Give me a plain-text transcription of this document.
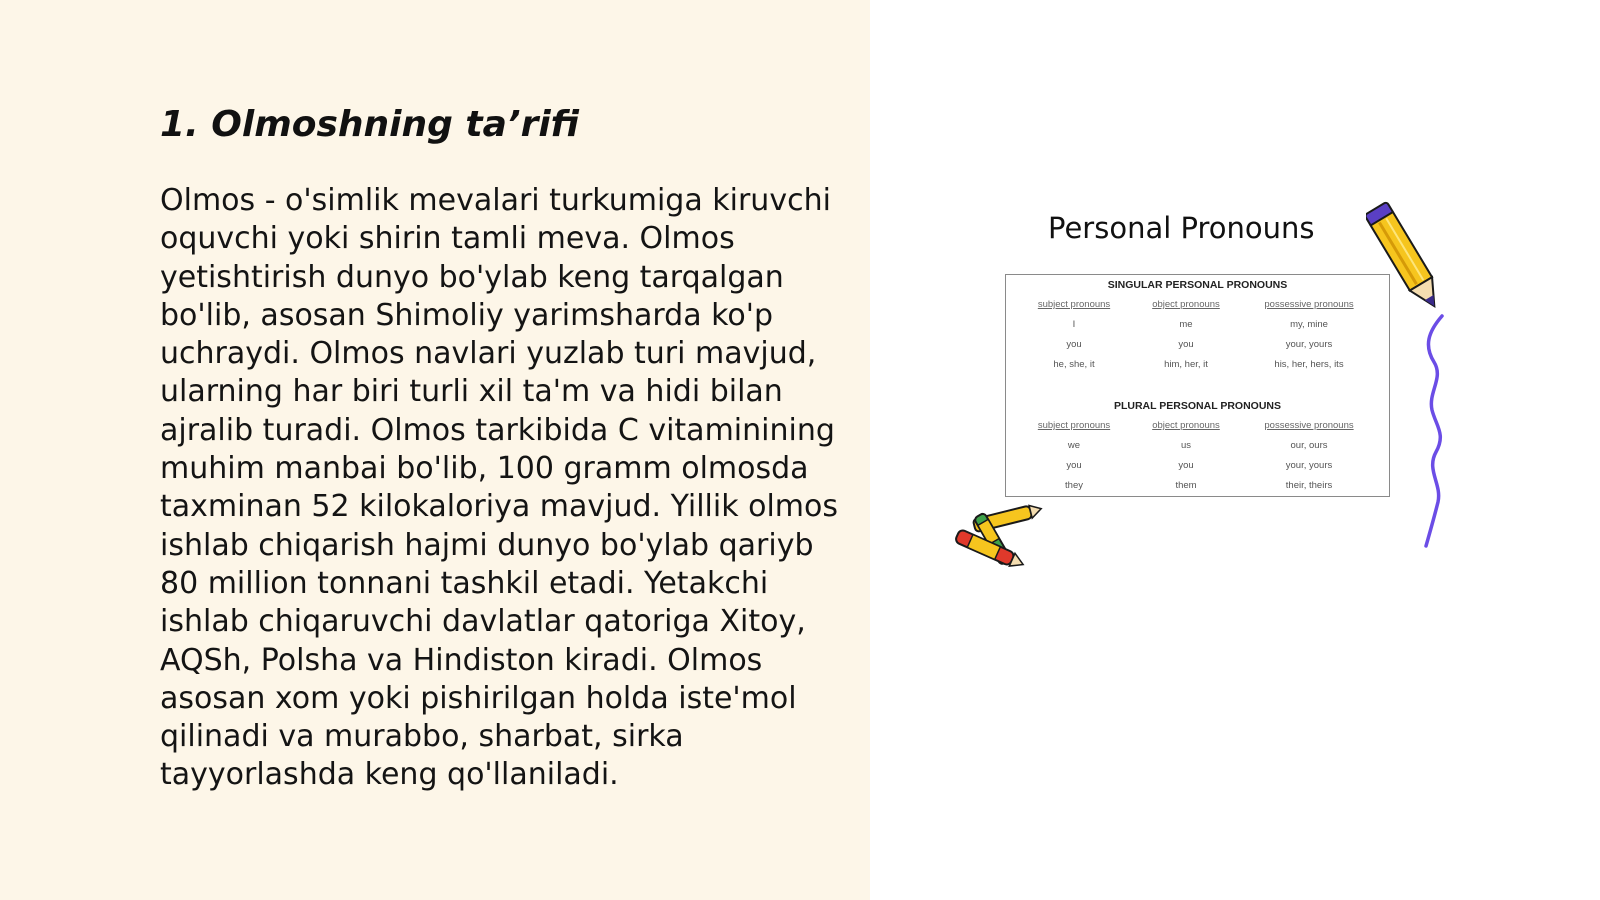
1. Olmoshning ta’rifi

Olmos - o'simlik mevalari turkumiga kiruvchi oquvchi yoki shirin tamli meva. Olmos yetishtirish dunyo bo'ylab keng tarqalgan bo'lib, asosan Shimoliy yarimsharda ko'p uchraydi. Olmos navlari yuzlab turi mavjud, ularning har biri turli xil ta'm va hidi bilan ajralib turadi. Olmos tarkibida C vitaminining muhim manbai bo'lib, 100 gramm olmosda taxminan 52 kilokaloriya mavjud. Yillik olmos ishlab chiqarish hajmi dunyo bo'ylab qariyb 80 million tonnani tashkil etadi. Yetakchi ishlab chiqaruvchi davlatlar qatoriga Xitoy, AQSh, Polsha va Hindiston kiradi. Olmos asosan xom yoki pishirilgan holda iste'mol qilinadi va murabbo, sharbat, sirka tayyorlashda keng qo'llaniladi.

Personal Pronouns
SINGULAR PERSONAL PRONOUNS
subject pronouns	object pronouns	possessive pronouns
I	me	my, mine
you	you	your, yours
he, she, it	him, her, it	his, her, hers, its
PLURAL PERSONAL PRONOUNS
subject pronouns	object pronouns	possessive pronouns
we	us	our, ours
you	you	your, yours
they	them	their, theirs
